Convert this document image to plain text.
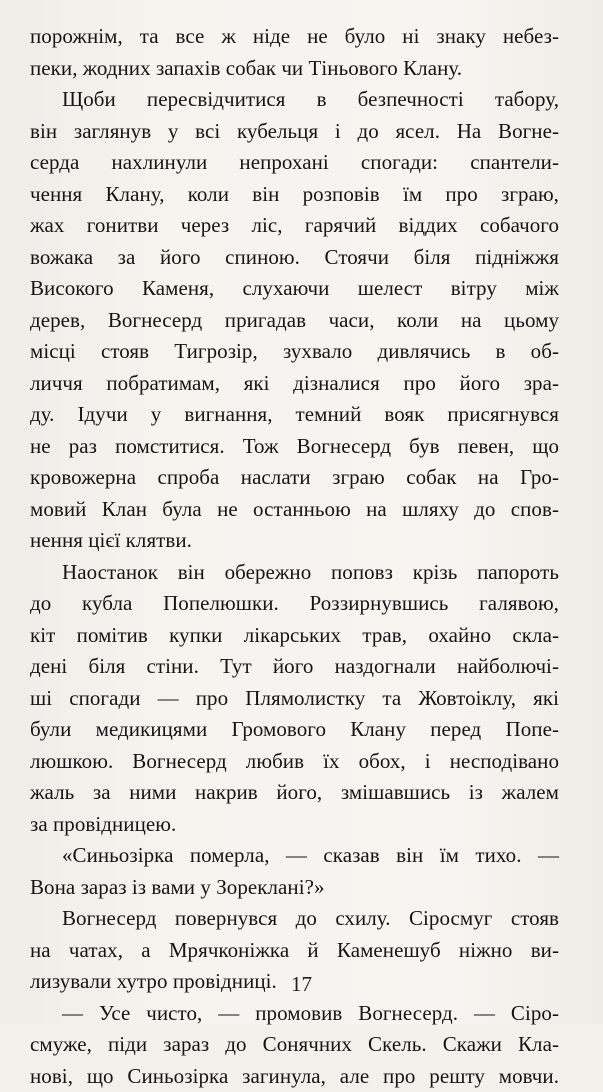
порожнім, та все ж ніде не було ні знаку небез-

пеки, жодних запахів собак чи Тіньового Клану.

Щоби пересвідчитися в безпечності табору,

він заглянув у всі кубельця і до ясел. На Вогне-

серда нахлинули непрохані спогади: спантели-

чення Клану, коли він розповів їм про зграю,

жах гонитви через ліс, гарячий віддих собачого

вожака за його спиною. Стоячи біля підніжжя

Високого Каменя, слухаючи шелест вітру між

дерев, Вогнесерд пригадав часи, коли на цьому

місці стояв Тигрозір, зухвало дивлячись в об-

личчя побратимам, які дізналися про його зра-

ду. Ідучи у вигнання, темний вояк присягнувся

не раз помститися. Тож Вогнесерд був певен, що

кровожерна спроба наслати зграю собак на Гро-

мовий Клан була не останньою на шляху до спов-

нення цієї клятви.

Наостанок він обережно поповз крізь папороть

до кубла Попелюшки. Роззирнувшись галявою,

кіт помітив купки лікарських трав, охайно скла-

дені біля стіни. Тут його наздогнали найболючі-

ші спогади — про Плямолистку та Жовтоіклу, які

були медикицями Громового Клану перед Попе-

люшкою. Вогнесерд любив їх обох, і несподівано

жаль за ними накрив його, змішавшись із жалем

за провідницею.

«Синьозірка померла, — сказав він їм тихо. —

Вона зараз із вами у Зореклані?»

Вогнесерд повернувся до схилу. Сіросмуг стояв

на чатах, а Мрячконіжка й Каменешуб ніжно ви-

лизували хутро провідниці.

— Усе чисто, — промовив Вогнесерд. — Сіро-

смуже, піди зараз до Сонячних Скель. Скажи Кла-

нові, що Синьозірка загинула, але про решту мовчи.

17
